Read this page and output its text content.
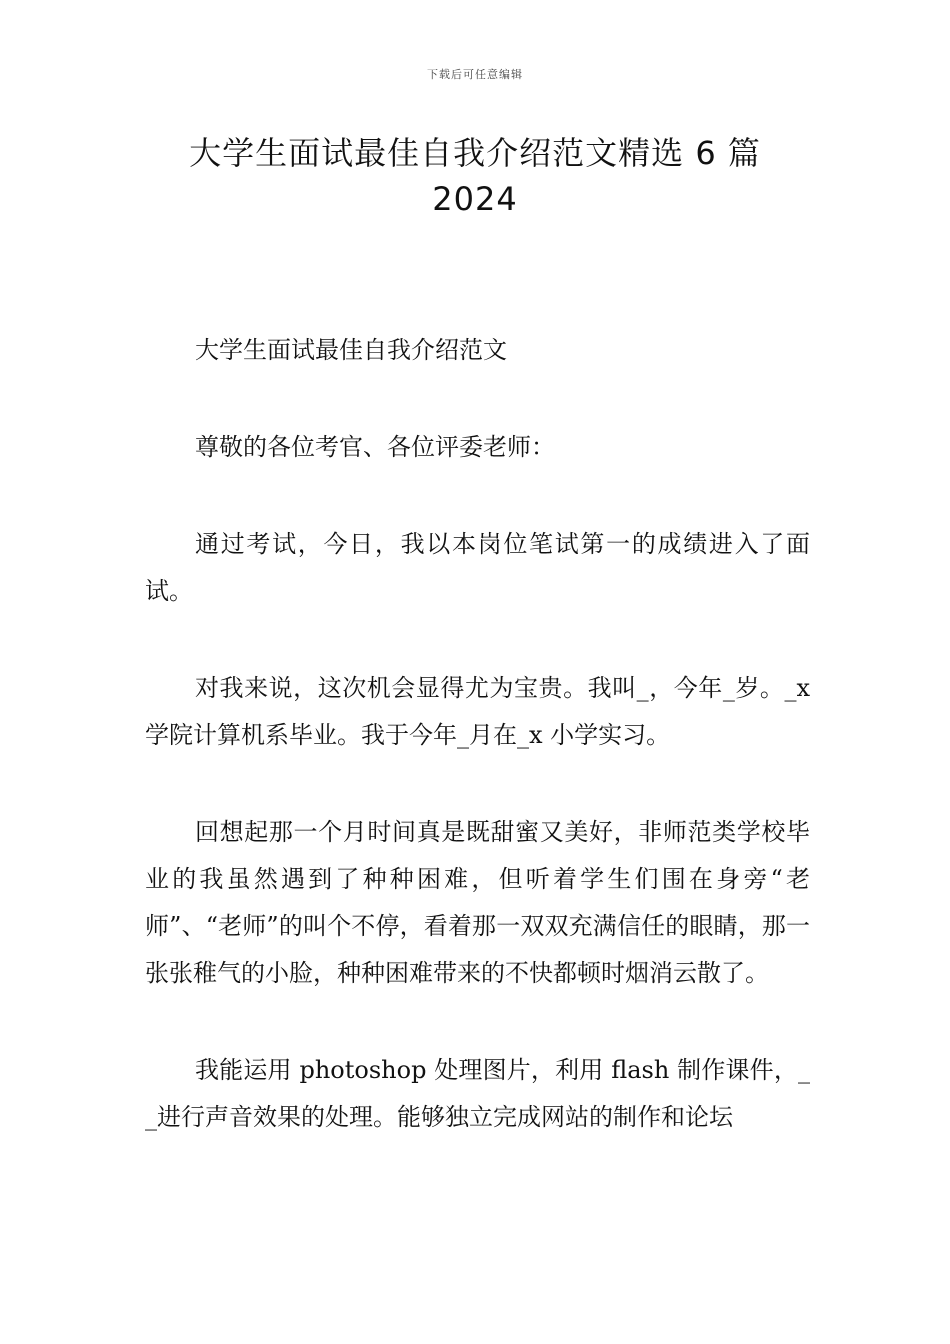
下载后可任意编辑
大学生面试最佳自我介绍范文精选 6 篇
2024

大学生面试最佳自我介绍范文

尊敬的各位考官、各位评委老师：

通过考试，今日，我以本岗位笔试第一的成绩进入了面试。

对我来说，这次机会显得尤为宝贵。我叫_，今年_岁。_x 学院计算机系毕业。我于今年_月在_x 小学实习。

回想起那一个月时间真是既甜蜜又美好，非师范类学校毕业的我虽然遇到了种种困难，但听着学生们围在身旁“老师”、“老师”的叫个不停，看着那一双双充满信任的眼睛，那一张张稚气的小脸，种种困难带来的不快都顿时烟消云散了。

我能运用 photoshop 处理图片，利用 flash 制作课件，__进行声音效果的处理。能够独立完成网站的制作和论坛
